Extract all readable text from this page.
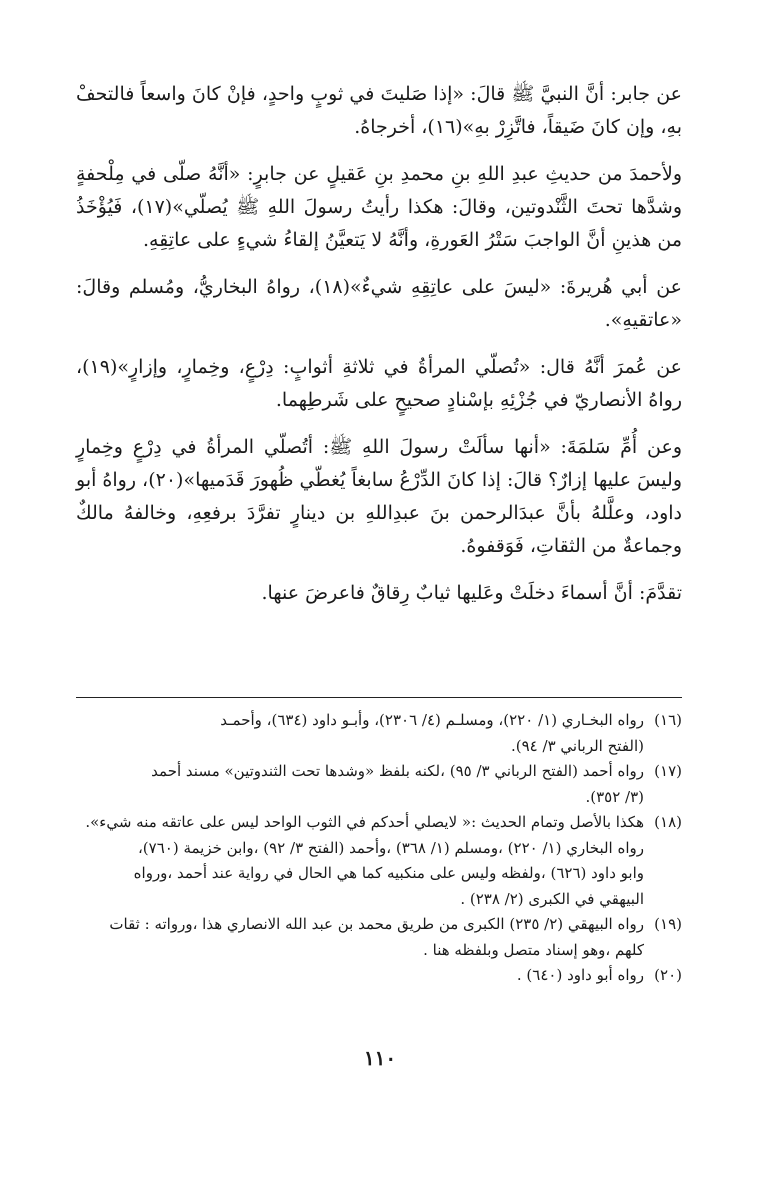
عن جابر: أنَّ النبيَّ ﷺ قالَ: «إذا صَليتَ في ثوبٍ واحدٍ، فإنْ كانَ واسعاً فالتحفْ بهِ، وإن كانَ ضَيقاً، فاتَّزِرْ بهِ»(١٦)، أخرجاهُ.

ولأحمدَ من حديثِ عبدِ اللهِ بنِ محمدِ بنِ عَقيلٍ عن جابرٍ: «أنَّهُ صلّى في مِلْحفةٍ وشدَّها تحتَ الثَّنْدوتين، وقالَ: هكذا رأيتُ رسولَ اللهِ ﷺ يُصلّي»(١٧)، فَيُؤْخَذُ من هذينِ أنَّ الواجبَ سَتْرُ العَورةِ، وأنَّهُ لا يَتعيَّنُ إلقاءُ شيءٍ على عاتِقِهِ.

عن أبي هُريرةَ: «ليسَ على عاتِقِهِ شيءٌ»(١٨)، رواهُ البخاريُّ، ومُسلم وقالَ: «عاتقيهِ».

عن عُمرَ أنَّهُ قال: «تُصلّي المرأةُ في ثلاثةِ أثوابٍ: دِرْعٍ، وخِمارٍ، وإزارٍ»(١٩)، رواهُ الأنصاريّ في جُزْئِهِ بإسْنادٍ صحيحٍ على شَرطِهما.

وعن أُمِّ سَلمَةَ: «أنها سألَتْ رسولَ اللهِ ﷺ: أتُصلّي المرأةُ في دِرْعٍ وخِمارٍ وليسَ عليها إزارٌ؟ قالَ: إذا كانَ الدِّرْعُ سابغاً يُغطّي ظُهورَ قَدَميها»(٢٠)، رواهُ أبو داود، وعلَّلهُ بأنَّ عبدَالرحمن بنَ عبدِاللهِ بن دينارٍ تفرَّدَ برفعِهِ، وخالفهُ مالكٌ وجماعةٌ من الثقاتِ، فَوَقفوهُ.

تقدَّمَ: أنَّ أسماءَ دخلَتْ وعَليها ثيابٌ رِقاقٌ فاعرضَ عنها.

(١٦)
رواه البخـاري (١/ ٢٢٠)، ومسلـم (٤/ ٢٣٠٦)، وأبـو داود (٦٣٤)، وأحمـد
(الفتح الرباني ٣/ ٩٤).
(١٧)
رواه أحمد (الفتح الرباني ٣/ ٩٥) ،لكنه بلفظ «وشدها تحت الثندوتين» مسند أحمد
(٣/ ٣٥٢).
(١٨)
هكذا بالأصل وتمام الحديث :« لايصلي أحدكم في الثوب الواحد ليس على عاتقه منه شيء».
رواه البخاري (١/ ٢٢٠) ،ومسلم (١/ ٣٦٨) ،وأحمد (الفتح ٣/ ٩٢) ،وابن خزيمة (٧٦٠)،
وابو داود (٦٢٦) ،ولفظه وليس على منكبيه كما هي الحال في رواية عند أحمد ،ورواه
البيهقي في الكبرى (٢/ ٢٣٨) .
(١٩)
رواه البيهقي (٢/ ٢٣٥) الكبرى من طريق محمد بن عبد الله الانصاري هذا ،ورواته : ثقات
كلهم ،وهو إسناد متصل وبلفظه هنا .
(٢٠)
رواه أبو داود (٦٤٠) .
١١٠
